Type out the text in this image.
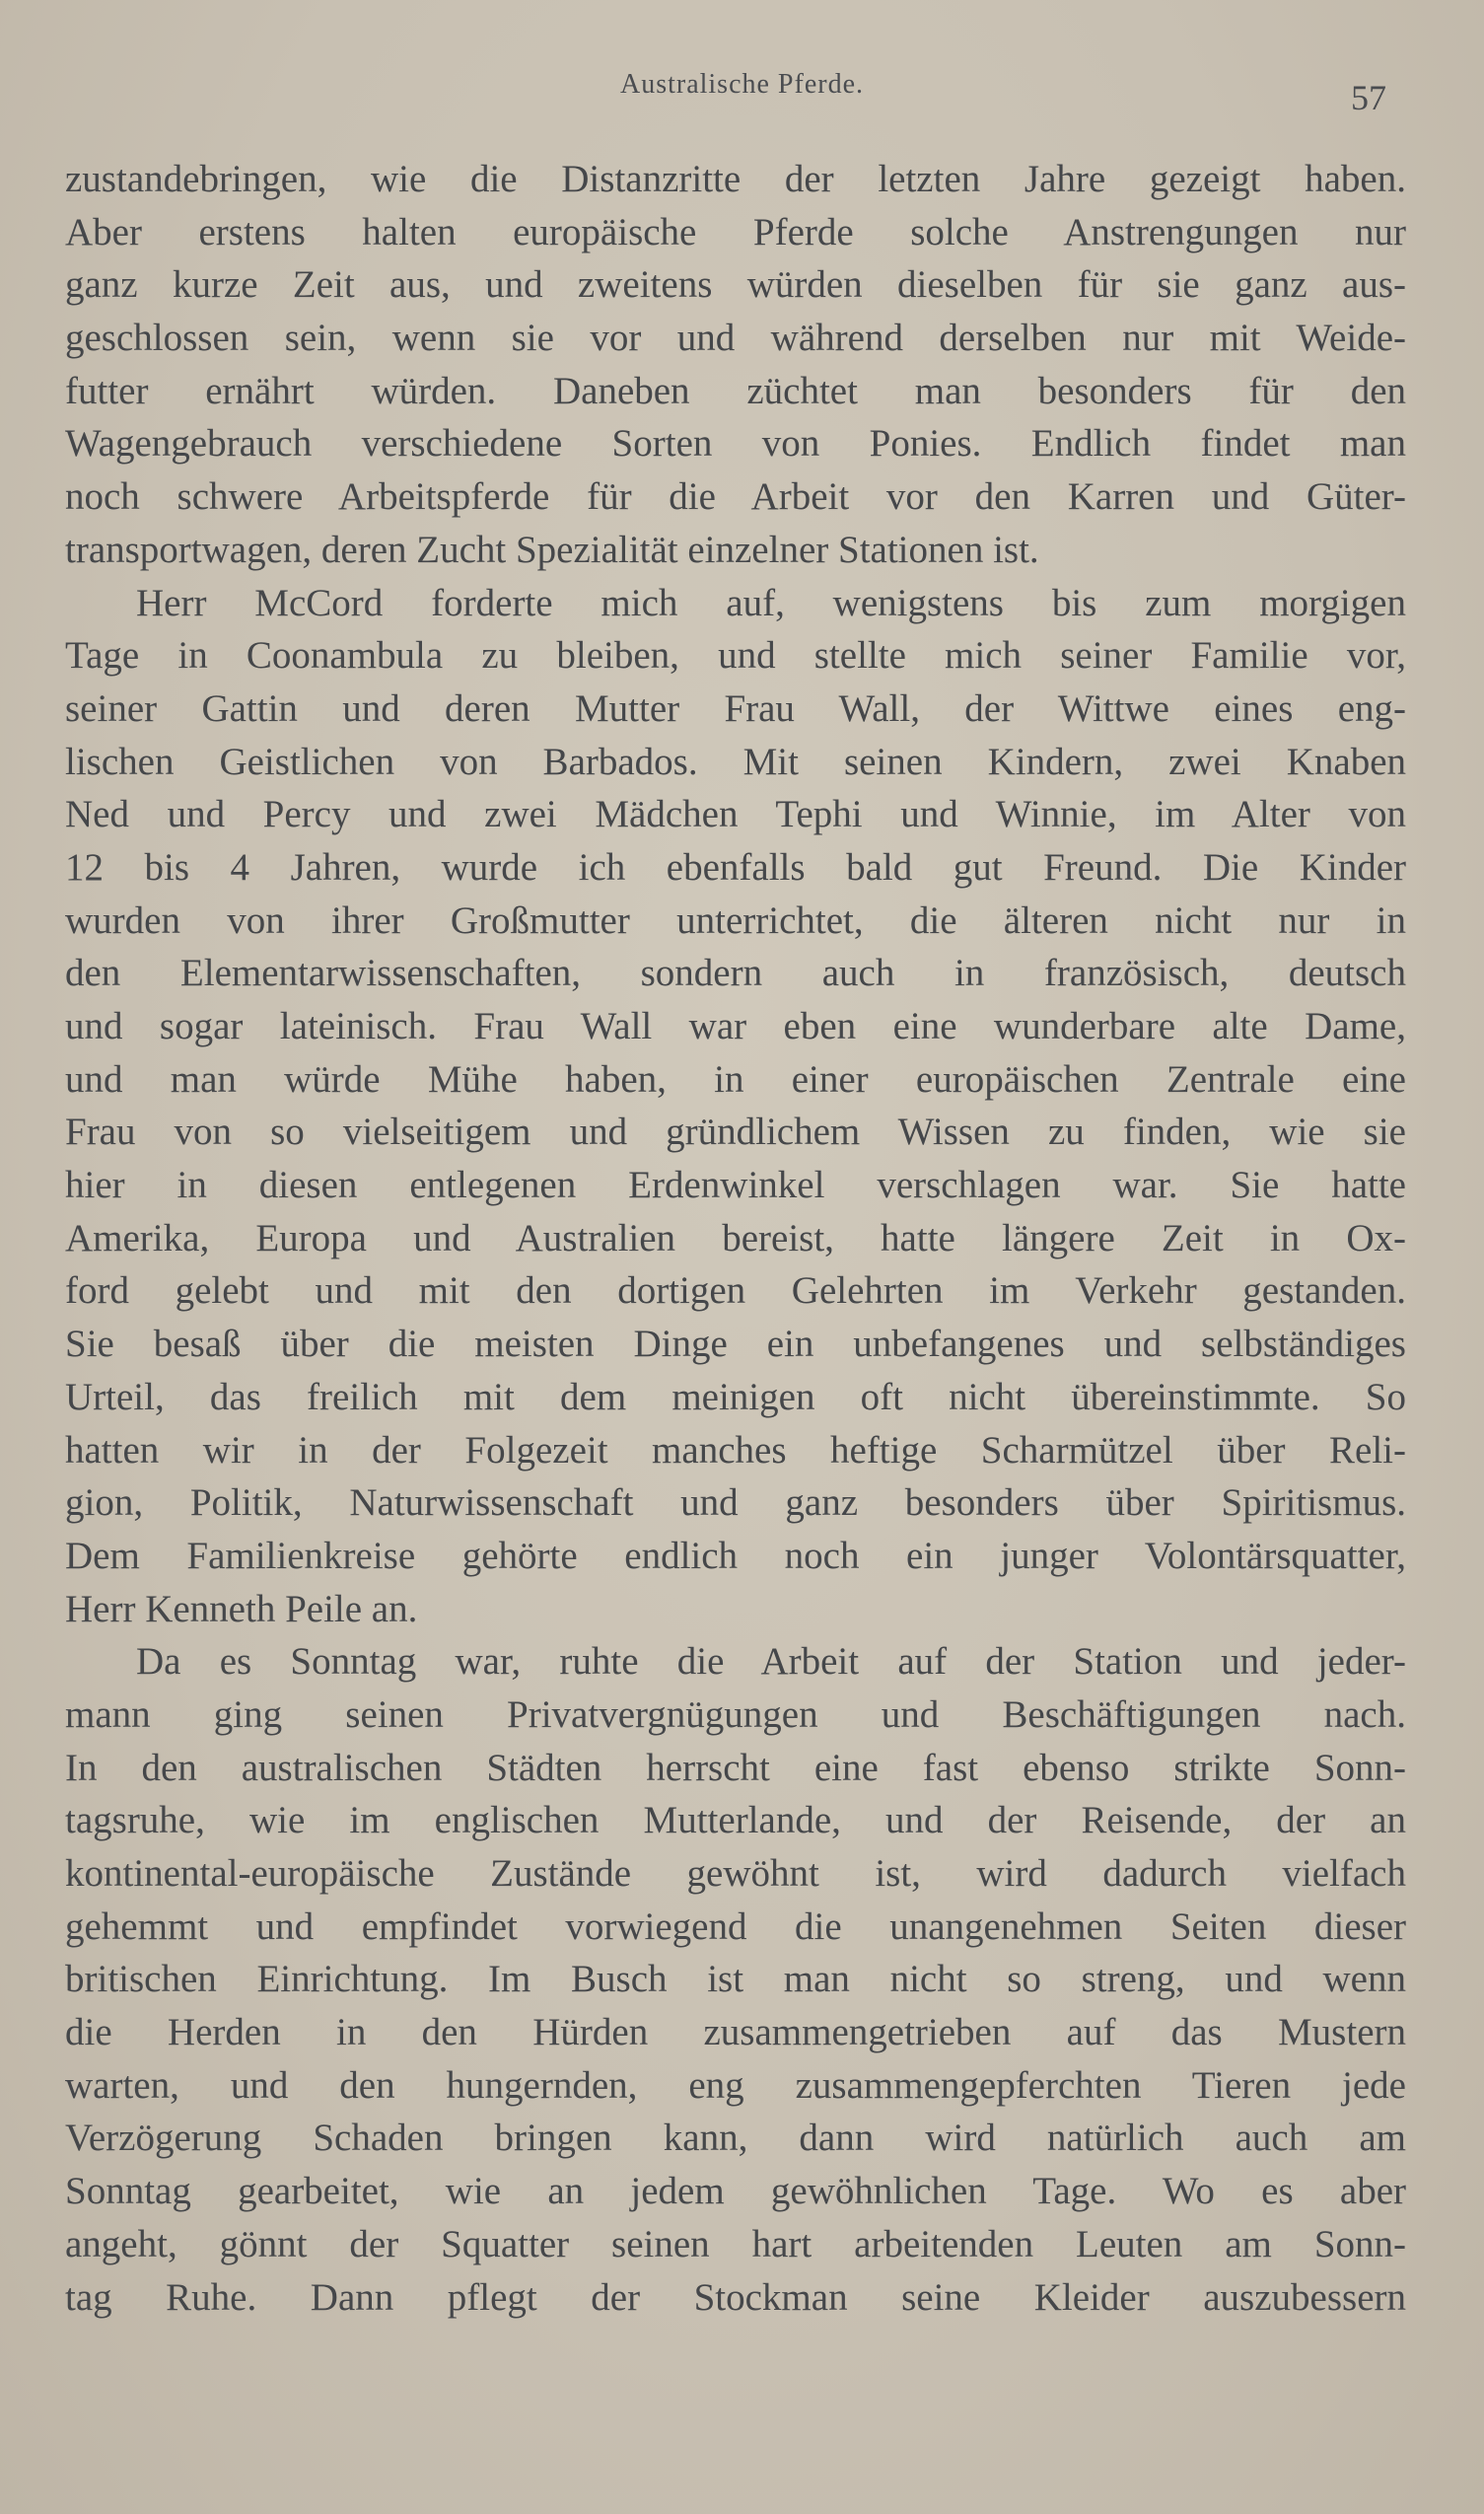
Australische Pferde.	57
zustandebringen, wie die Distanzritte der letzten Jahre gezeigt haben.
Aber erstens halten europäische Pferde solche Anstrengungen nur
ganz kurze Zeit aus, und zweitens würden dieselben für sie ganz aus-
geschlossen sein, wenn sie vor und während derselben nur mit Weide-
futter ernährt würden. Daneben züchtet man besonders für den
Wagengebrauch verschiedene Sorten von Ponies. Endlich findet man
noch schwere Arbeitspferde für die Arbeit vor den Karren und Güter-
transportwagen, deren Zucht Spezialität einzelner Stationen ist.
Herr McCord forderte mich auf, wenigstens bis zum morgigen
Tage in Coonambula zu bleiben, und stellte mich seiner Familie vor,
seiner Gattin und deren Mutter Frau Wall, der Wittwe eines eng-
lischen Geistlichen von Barbados. Mit seinen Kindern, zwei Knaben
Ned und Percy und zwei Mädchen Tephi und Winnie, im Alter von
12 bis 4 Jahren, wurde ich ebenfalls bald gut Freund. Die Kinder
wurden von ihrer Großmutter unterrichtet, die älteren nicht nur in
den Elementarwissenschaften, sondern auch in französisch, deutsch
und sogar lateinisch. Frau Wall war eben eine wunderbare alte Dame,
und man würde Mühe haben, in einer europäischen Zentrale eine
Frau von so vielseitigem und gründlichem Wissen zu finden, wie sie
hier in diesen entlegenen Erdenwinkel verschlagen war. Sie hatte
Amerika, Europa und Australien bereist, hatte längere Zeit in Ox-
ford gelebt und mit den dortigen Gelehrten im Verkehr gestanden.
Sie besaß über die meisten Dinge ein unbefangenes und selbständiges
Urteil, das freilich mit dem meinigen oft nicht übereinstimmte. So
hatten wir in der Folgezeit manches heftige Scharmützel über Reli-
gion, Politik, Naturwissenschaft und ganz besonders über Spiritismus.
Dem Familienkreise gehörte endlich noch ein junger Volontärsquatter,
Herr Kenneth Peile an.
Da es Sonntag war, ruhte die Arbeit auf der Station und jeder-
mann ging seinen Privatvergnügungen und Beschäftigungen nach.
In den australischen Städten herrscht eine fast ebenso strikte Sonn-
tagsruhe, wie im englischen Mutterlande, und der Reisende, der an
kontinental-europäische Zustände gewöhnt ist, wird dadurch vielfach
gehemmt und empfindet vorwiegend die unangenehmen Seiten dieser
britischen Einrichtung. Im Busch ist man nicht so streng, und wenn
die Herden in den Hürden zusammengetrieben auf das Mustern
warten, und den hungernden, eng zusammengepferchten Tieren jede
Verzögerung Schaden bringen kann, dann wird natürlich auch am
Sonntag gearbeitet, wie an jedem gewöhnlichen Tage. Wo es aber
angeht, gönnt der Squatter seinen hart arbeitenden Leuten am Sonn-
tag Ruhe. Dann pflegt der Stockman seine Kleider auszubessern
